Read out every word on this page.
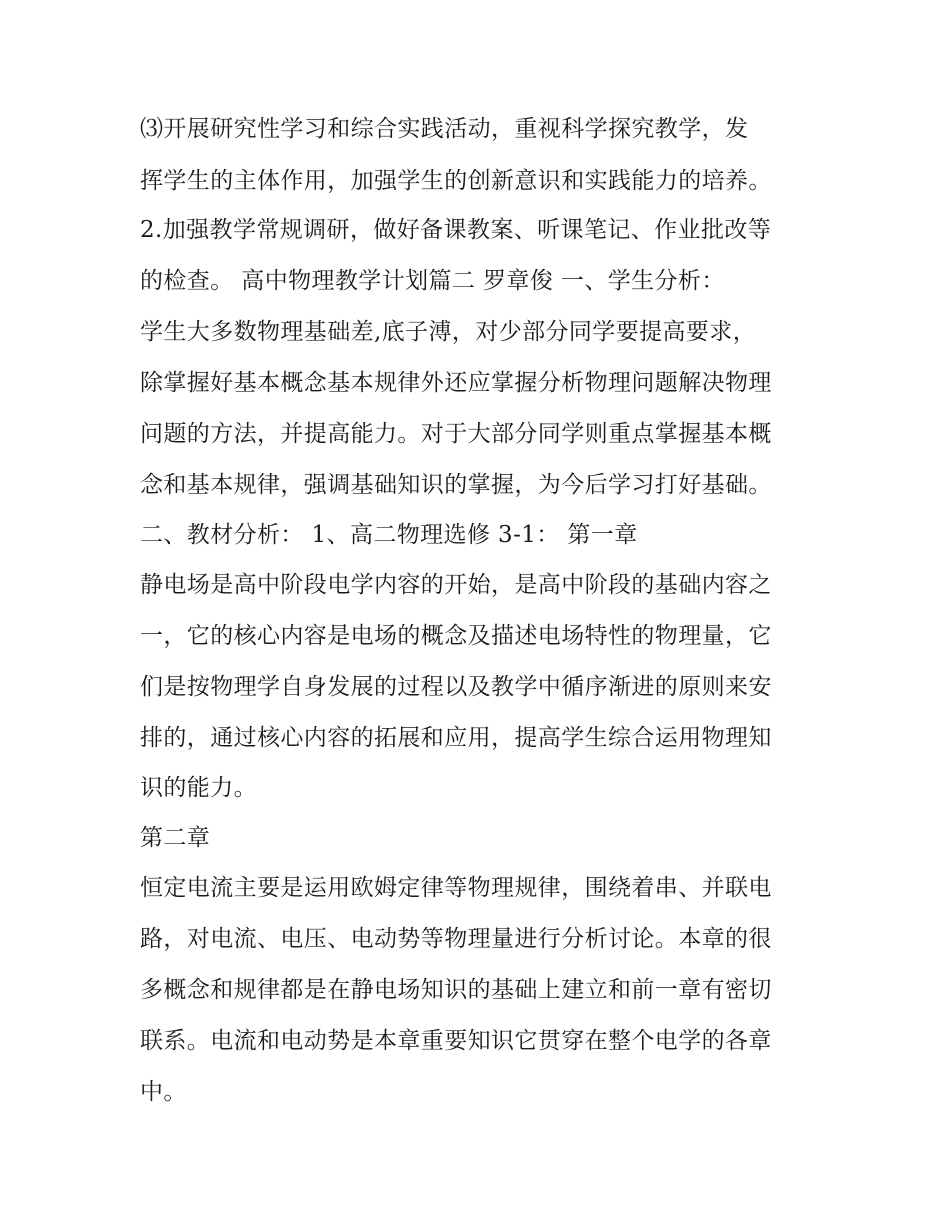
⑶开展研究性学习和综合实践活动，重视科学探究教学，发
挥学生的主体作用，加强学生的创新意识和实践能力的培养。
2.加强教学常规调研，做好备课教案、听课笔记、作业批改等
的检查。 高中物理教学计划篇二 罗章俊 一、学生分析：
学生大多数物理基础差,底子溥，对少部分同学要提高要求，
除掌握好基本概念基本规律外还应掌握分析物理问题解决物理
问题的方法，并提高能力。对于大部分同学则重点掌握基本概
念和基本规律，强调基础知识的掌握，为今后学习打好基础。
二、教材分析： 1、高二物理选修 3-1： 第一章
静电场是高中阶段电学内容的开始，是高中阶段的基础内容之
一，它的核心内容是电场的概念及描述电场特性的物理量，它
们是按物理学自身发展的过程以及教学中循序渐进的原则来安
排的，通过核心内容的拓展和应用，提高学生综合运用物理知
识的能力。
第二章
恒定电流主要是运用欧姆定律等物理规律，围绕着串、并联电
路，对电流、电压、电动势等物理量进行分析讨论。本章的很
多概念和规律都是在静电场知识的基础上建立和前一章有密切
联系。电流和电动势是本章重要知识它贯穿在整个电学的各章
中。
